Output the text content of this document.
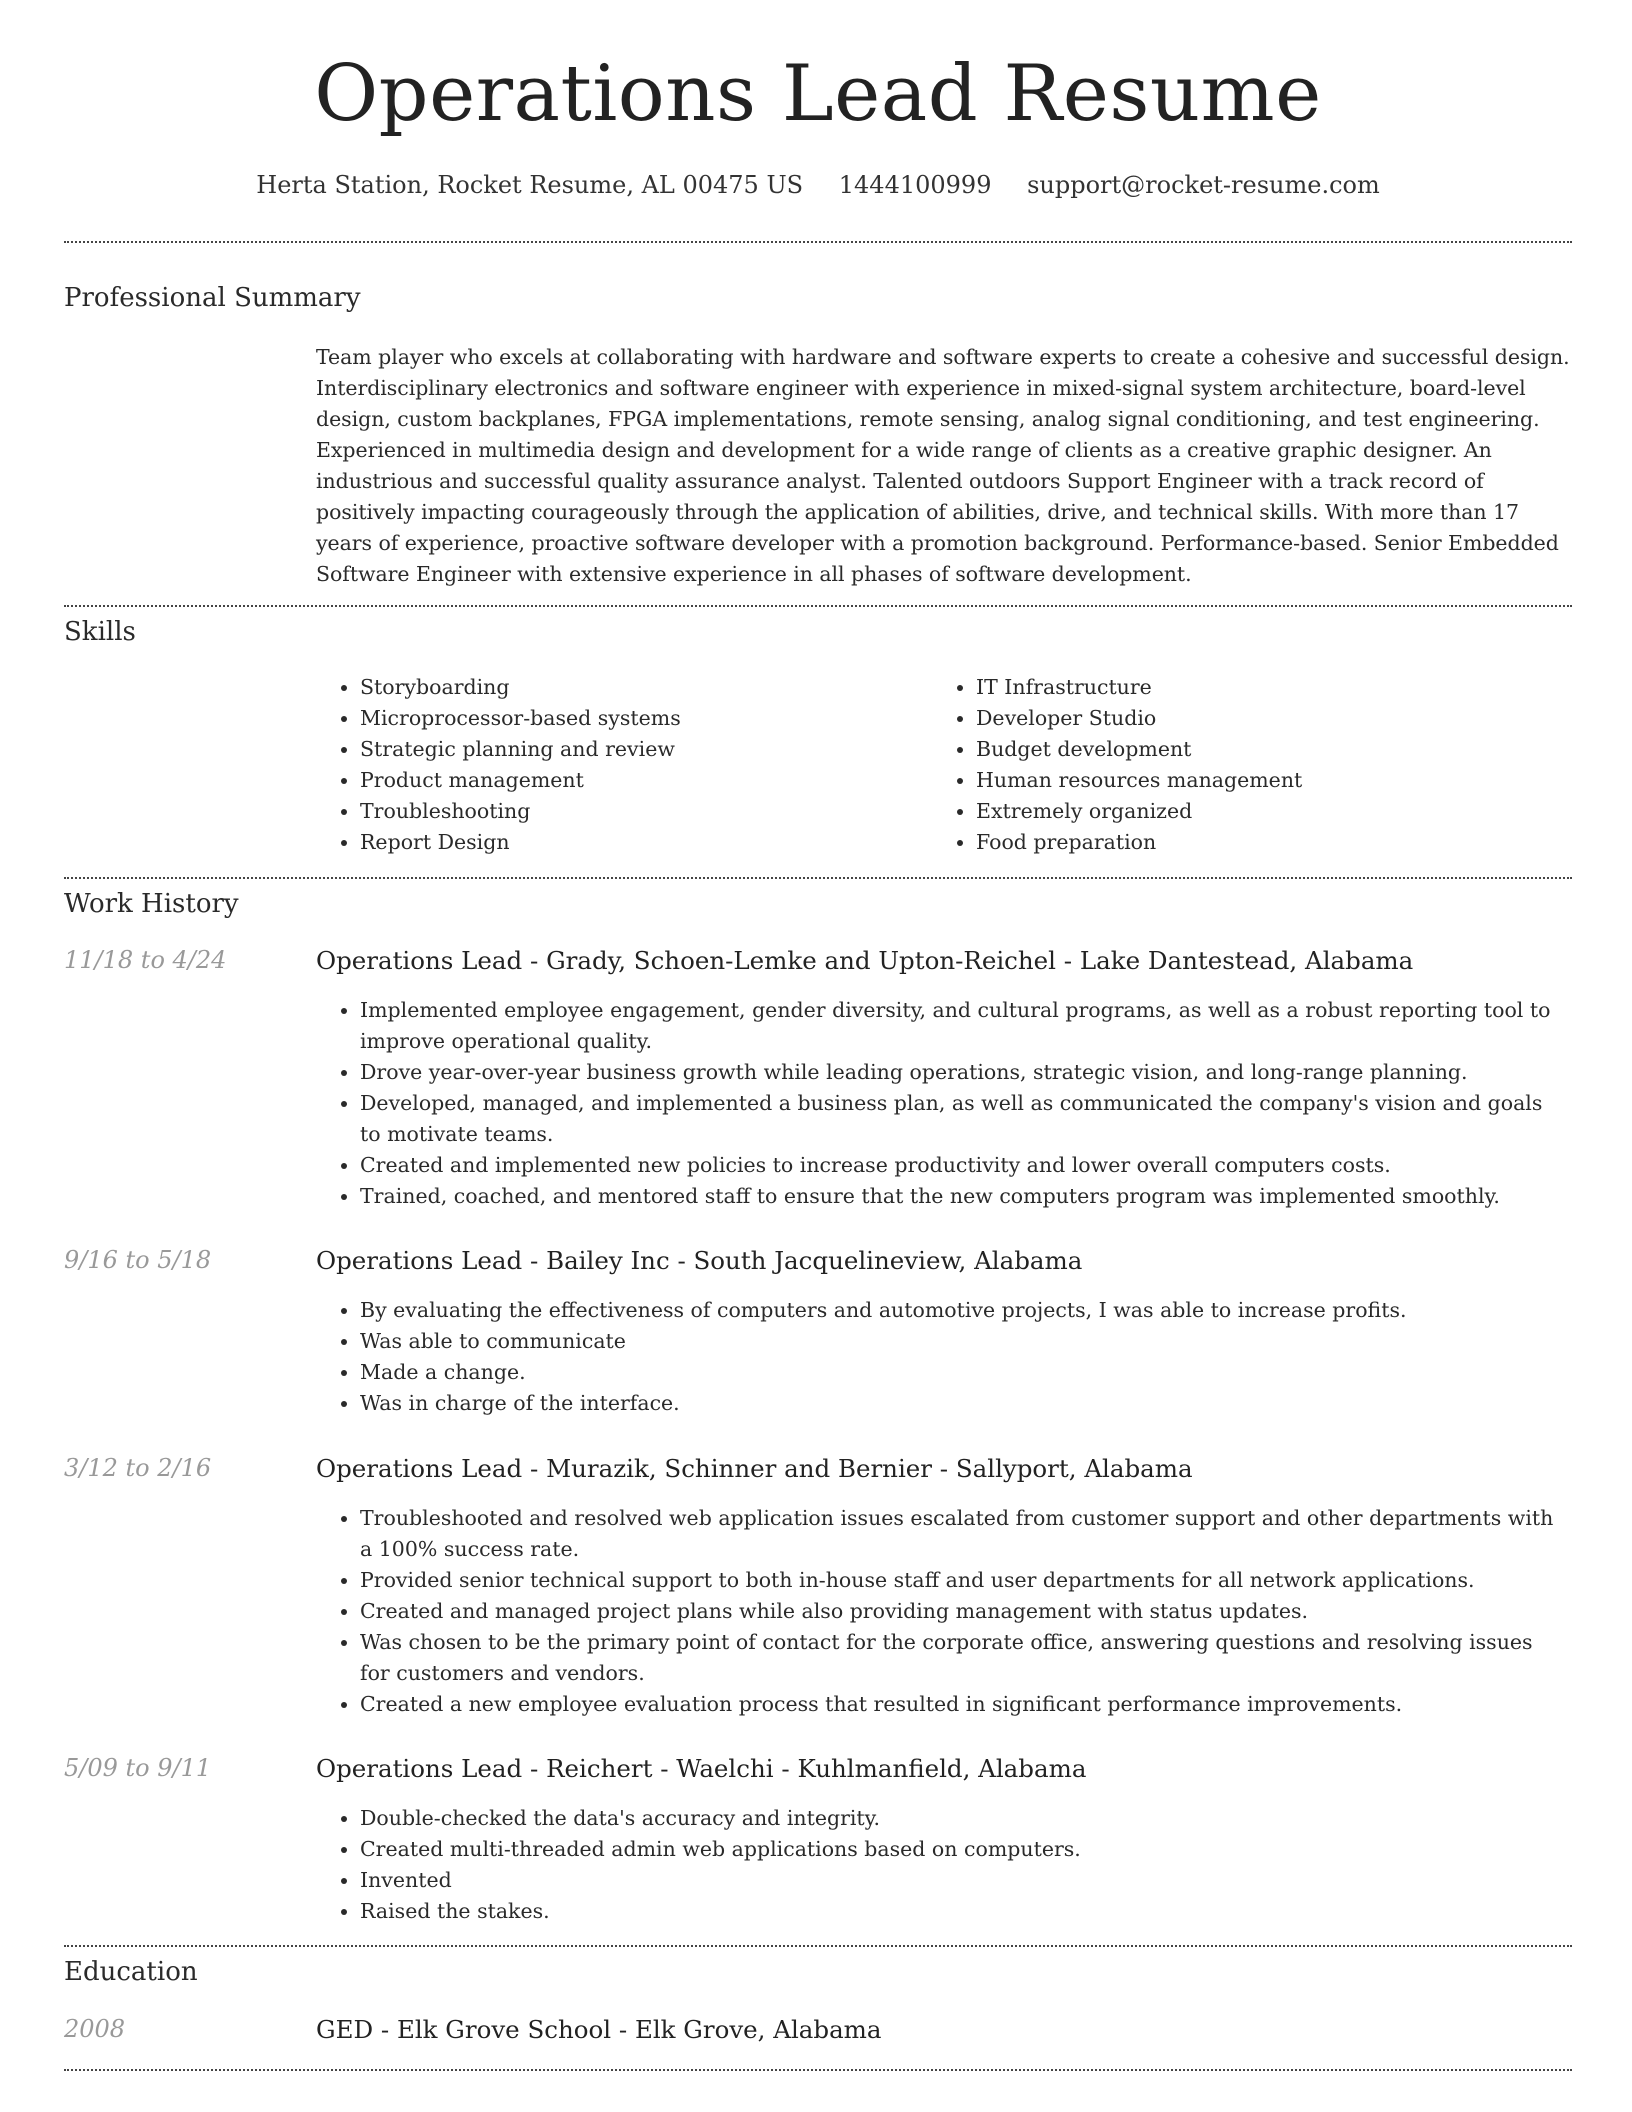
Operations Lead Resume
Herta Station, Rocket Resume, AL 00475 US 1444100999 support@rocket-resume.com
Professional Summary

Team player who excels at collaborating with hardware and software experts to create a cohesive and successful design. Interdisciplinary electronics and software engineer with experience in mixed-signal system architecture, board-level design, custom backplanes, FPGA implementations, remote sensing, analog signal conditioning, and test engineering. Experienced in multimedia design and development for a wide range of clients as a creative graphic designer. An industrious and successful quality assurance analyst. Talented outdoors Support Engineer with a track record of positively impacting courageously through the application of abilities, drive, and technical skills. With more than 17 years of experience, proactive software developer with a promotion background. Performance-based. Senior Embedded Software Engineer with extensive experience in all phases of software development.

Skills
• Storyboarding
• Microprocessor-based systems
• Strategic planning and review
• Product management
• Troubleshooting
• Report Design
• IT Infrastructure
• Developer Studio
• Budget development
• Human resources management
• Extremely organized
• Food preparation
Work History
11/18 to 4/24	Operations Lead - Grady, Schoen-Lemke and Upton-Reichel - Lake Dantestead, Alabama
• Implemented employee engagement, gender diversity, and cultural programs, as well as a robust reporting tool to improve operational quality.
• Drove year-over-year business growth while leading operations, strategic vision, and long-range planning.
• Developed, managed, and implemented a business plan, as well as communicated the company's vision and goals to motivate teams.
• Created and implemented new policies to increase productivity and lower overall computers costs.
• Trained, coached, and mentored staff to ensure that the new computers program was implemented smoothly.
9/16 to 5/18	Operations Lead - Bailey Inc - South Jacquelineview, Alabama
• By evaluating the effectiveness of computers and automotive projects, I was able to increase profits.
• Was able to communicate
• Made a change.
• Was in charge of the interface.
3/12 to 2/16	Operations Lead - Murazik, Schinner and Bernier - Sallyport, Alabama
• Troubleshooted and resolved web application issues escalated from customer support and other departments with a 100% success rate.
• Provided senior technical support to both in-house staff and user departments for all network applications.
• Created and managed project plans while also providing management with status updates.
• Was chosen to be the primary point of contact for the corporate office, answering questions and resolving issues for customers and vendors.
• Created a new employee evaluation process that resulted in significant performance improvements.
5/09 to 9/11	Operations Lead - Reichert - Waelchi - Kuhlmanfield, Alabama
• Double-checked the data's accuracy and integrity.
• Created multi-threaded admin web applications based on computers.
• Invented
• Raised the stakes.
Education
2008	GED - Elk Grove School - Elk Grove, Alabama
